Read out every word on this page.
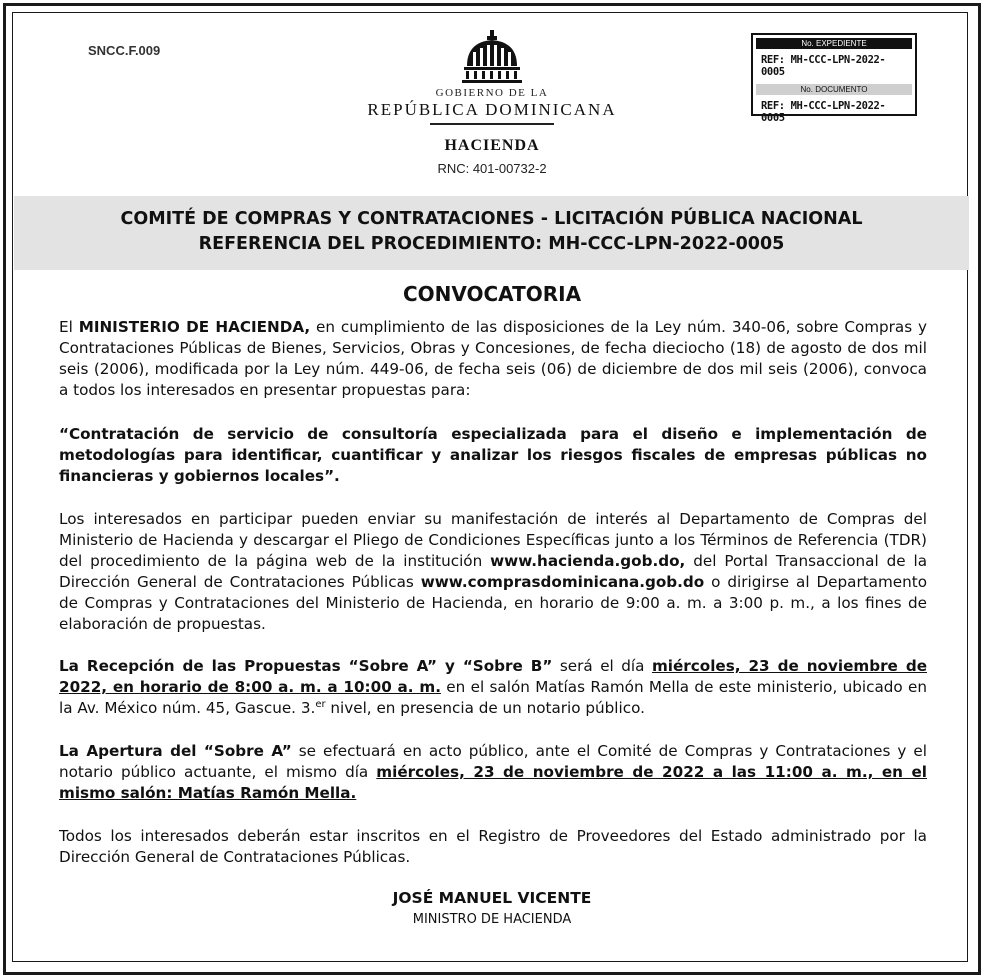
SNCC.F.009
GOBIERNO DE LA
REPÚBLICA DOMINICANA
HACIENDA
RNC: 401-00732-2
No. EXPEDIENTE
REF: MH-CCC-LPN-2022-0005
No. DOCUMENTO
REF: MH-CCC-LPN-2022-0005
COMITÉ DE COMPRAS Y CONTRATACIONES - LICITACIÓN PÚBLICA NACIONAL
REFERENCIA DEL PROCEDIMIENTO: MH-CCC-LPN-2022-0005
CONVOCATORIA
El MINISTERIO DE HACIENDA, en cumplimiento de las disposiciones de la Ley núm. 340-06, sobre Compras y Contrataciones Públicas de Bienes, Servicios, Obras y Concesiones, de fecha dieciocho (18) de agosto de dos mil seis (2006), modificada por la Ley núm. 449-06, de fecha seis (06) de diciembre de dos mil seis (2006), convoca a todos los interesados en presentar propuestas para:
“Contratación de servicio de consultoría especializada para el diseño e implementación de metodologías para identificar, cuantificar y analizar los riesgos fiscales de empresas públicas no financieras y gobiernos locales”.
Los interesados en participar pueden enviar su manifestación de interés al Departamento de Compras del Ministerio de Hacienda y descargar el Pliego de Condiciones Específicas junto a los Términos de Referencia (TDR) del procedimiento de la página web de la institución www.hacienda.gob.do, del Portal Transaccional de la Dirección General de Contrataciones Públicas www.comprasdominicana.gob.do o dirigirse al Departamento de Compras y Contrataciones del Ministerio de Hacienda, en horario de 9:00 a. m. a 3:00 p. m., a los fines de elaboración de propuestas.
La Recepción de las Propuestas “Sobre A” y “Sobre B” será el día miércoles, 23 de noviembre de 2022, en horario de 8:00 a. m. a 10:00 a. m. en el salón Matías Ramón Mella de este ministerio, ubicado en la Av. México núm. 45, Gascue. 3.$^{er}$ nivel, en presencia de un notario público.
La Apertura del “Sobre A” se efectuará en acto público, ante el Comité de Compras y Contrataciones y el notario público actuante, el mismo día miércoles, 23 de noviembre de 2022 a las 11:00 a. m., en el mismo salón: Matías Ramón Mella.
Todos los interesados deberán estar inscritos en el Registro de Proveedores del Estado administrado por la Dirección General de Contrataciones Públicas.
JOSÉ MANUEL VICENTE
MINISTRO DE HACIENDA
